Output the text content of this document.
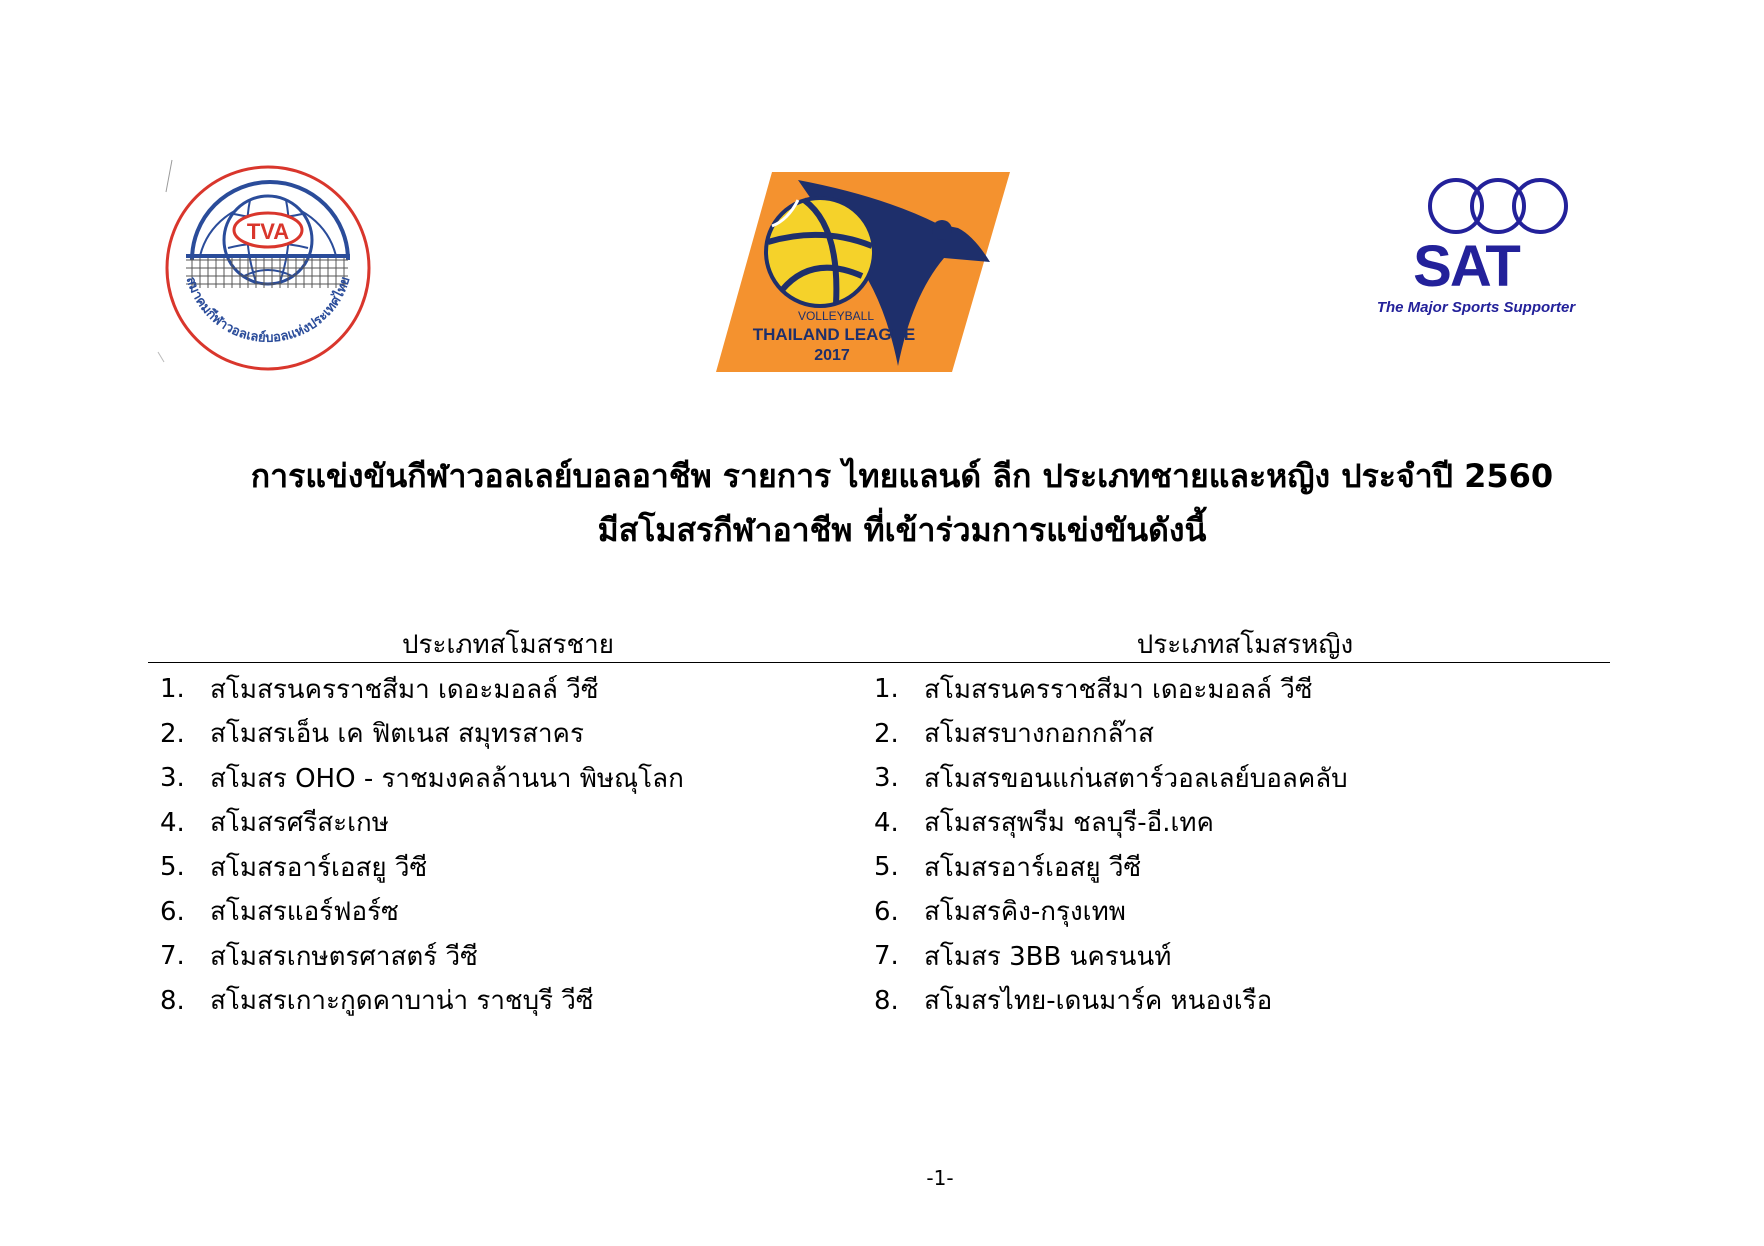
TVA
สมาคมกีฬาวอลเลย์บอลแห่งประเทศไทย
VOLLEYBALL
THAILAND LEAGUE
2017
SAT
The Major Sports Supporter
การแข่งขันกีฬาวอลเลย์บอลอาชีพ รายการ ไทยแลนด์ ลีก ประเภทชายและหญิง ประจำปี 2560
มีสโมสรกีฬาอาชีพ ที่เข้าร่วมการแข่งขันดังนี้
ประเภทสโมสรชาย	ประเภทสโมสรหญิง
1. สโมสรนครราชสีมา เดอะมอลล์ วีซี
2. สโมสรเอ็น เค ฟิตเนส สมุทรสาคร
3. สโมสร OHO - ราชมงคลล้านนา พิษณุโลก
4. สโมสรศรีสะเกษ
5. สโมสรอาร์เอสยู วีซี
6. สโมสรแอร์ฟอร์ซ
7. สโมสรเกษตรศาสตร์ วีซี
8. สโมสรเกาะกูดคาบาน่า ราชบุรี วีซี
1. สโมสรนครราชสีมา เดอะมอลล์ วีซี
2. สโมสรบางกอกกล๊าส
3. สโมสรขอนแก่นสตาร์วอลเลย์บอลคลับ
4. สโมสรสุพรีม ชลบุรี-อี.เทค
5. สโมสรอาร์เอสยู วีซี
6. สโมสรคิง-กรุงเทพ
7. สโมสร 3BB นครนนท์
8. สโมสรไทย-เดนมาร์ค หนองเรือ
-1-
